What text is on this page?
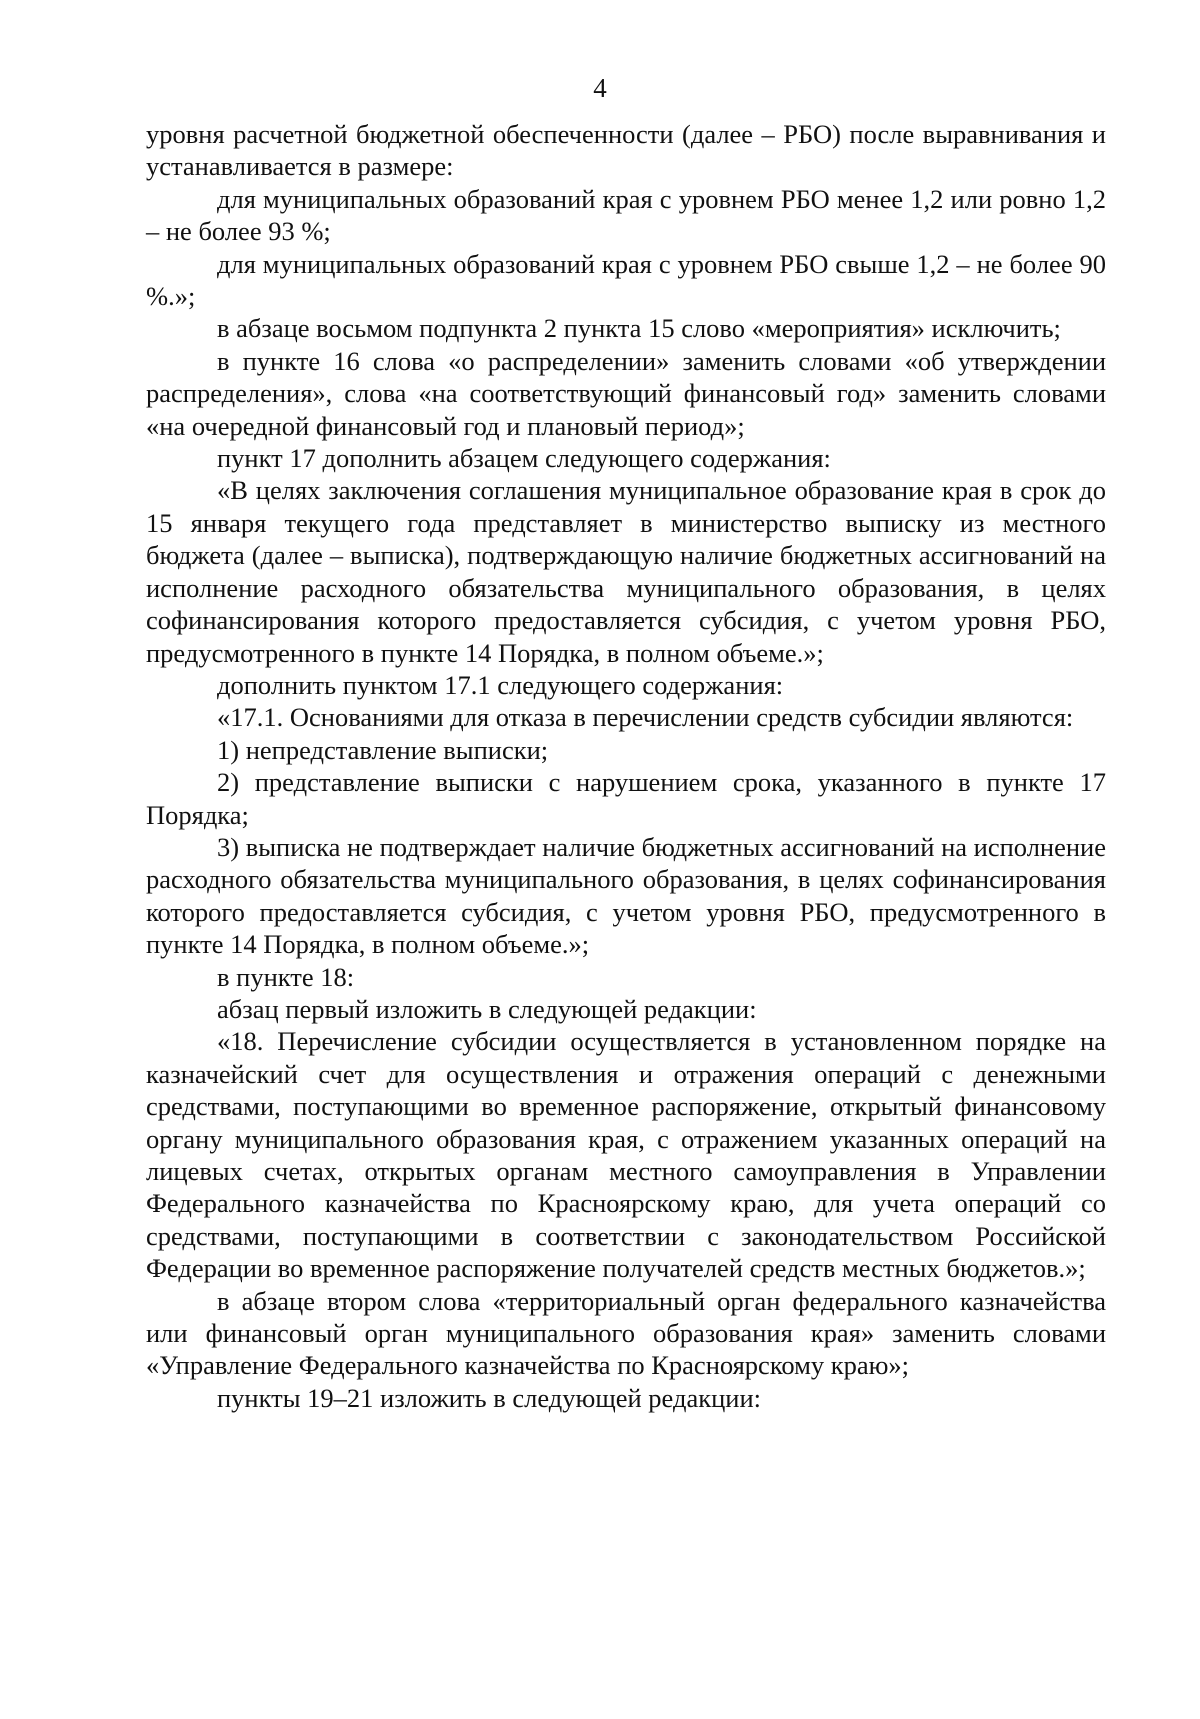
4

уровня расчетной бюджетной обеспеченности (далее – РБО) после выравнивания и устанавливается в размере:

для муниципальных образований края с уровнем РБО менее 1,2 или ровно 1,2 – не более 93 %;

для муниципальных образований края с уровнем РБО свыше 1,2 – не более 90 %.»;

в абзаце восьмом подпункта 2 пункта 15 слово «мероприятия» исключить;

в пункте 16 слова «о распределении» заменить словами «об утверждении распределения», слова «на соответствующий финансовый год» заменить словами «на очередной финансовый год и плановый период»;

пункт 17 дополнить абзацем следующего содержания:

«В целях заключения соглашения муниципальное образование края в срок до 15 января текущего года представляет в министерство выписку из местного бюджета (далее – выписка), подтверждающую наличие бюджетных ассигнований на исполнение расходного обязательства муниципального образования, в целях софинансирования которого предоставляется субсидия, с учетом уровня РБО, предусмотренного в пункте 14 Порядка, в полном объеме.»;

дополнить пунктом 17.1 следующего содержания:

«17.1. Основаниями для отказа в перечислении средств субсидии являются:

1) непредставление выписки;

2) представление выписки с нарушением срока, указанного в пункте 17 Порядка;

3) выписка не подтверждает наличие бюджетных ассигнований на исполнение расходного обязательства муниципального образования, в целях софинансирования которого предоставляется субсидия, с учетом уровня РБО, предусмотренного в пункте 14 Порядка, в полном объеме.»;

в пункте 18:

абзац первый изложить в следующей редакции:

«18. Перечисление субсидии осуществляется в установленном порядке на казначейский счет для осуществления и отражения операций с денежными средствами, поступающими во временное распоряжение, открытый финансовому органу муниципального образования края, с отражением указанных операций на лицевых счетах, открытых органам местного самоуправления в Управлении Федерального казначейства по Красноярскому краю, для учета операций со средствами, поступающими в соответствии с законодательством Российской Федерации во временное распоряжение получателей средств местных бюджетов.»;

в абзаце втором слова «территориальный орган федерального казначейства или финансовый орган муниципального образования края» заменить словами «Управление Федерального казначейства по Красноярскому краю»;

пункты 19–21 изложить в следующей редакции:
